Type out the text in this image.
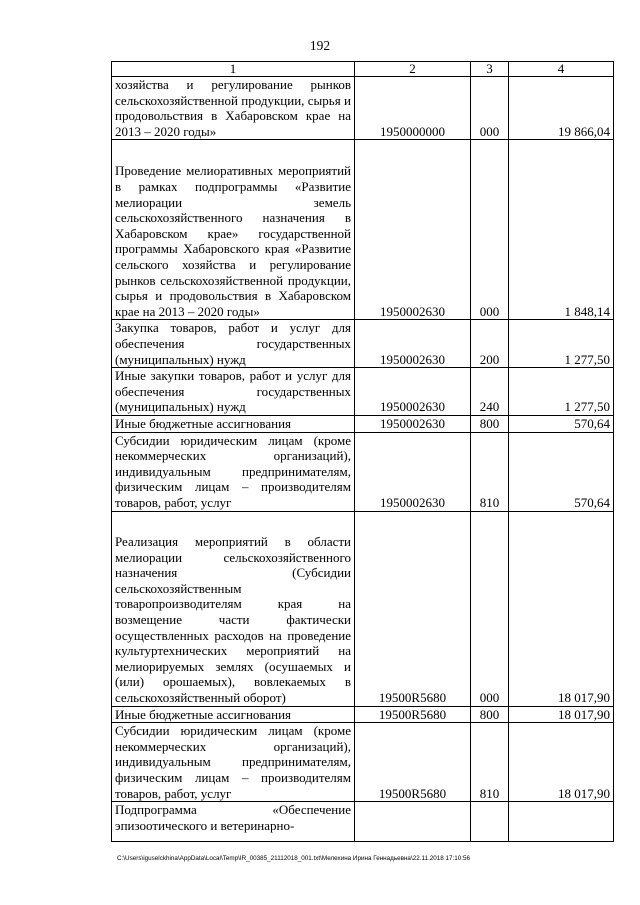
192
1	2	3	4
хозяйства и регулирование рынков сельскохозяйственной продукции, сырья и продовольствия в Хабаровском крае на 2013 – 2020 годы»	1950000000	000	19 866,04
Проведение мелиоративных мероприятий в рамках подпрограммы «Развитие мелиорации земель сельскохозяйственного назначения в Хабаровском крае» государственной программы Хабаровского края «Развитие сельского хозяйства и регулирование рынков сельскохозяйственной продукции, сырья и продовольствия в Хабаровском крае на 2013 – 2020 годы»	1950002630	000	1 848,14
Закупка товаров, работ и услуг для обеспечения государственных (муниципальных) нужд	1950002630	200	1 277,50
Иные закупки товаров, работ и услуг для обеспечения государственных (муниципальных) нужд	1950002630	240	1 277,50
Иные бюджетные ассигнования	1950002630	800	570,64
Субсидии юридическим лицам (кроме некоммерческих организаций), индивидуальным предпринимателям, физическим лицам – производителям товаров, работ, услуг	1950002630	810	570,64
Реализация мероприятий в области мелиорации сельскохозяйственного назначения (Субсидии сельскохозяйственным товаропроизводителям края на возмещение части фактически осуществленных расходов на проведение культуртехнических мероприятий на мелиорируемых землях (осушаемых и (или) орошаемых), вовлекаемых в сельскохозяйственный оборот)	19500R5680	000	18 017,90
Иные бюджетные ассигнования	19500R5680	800	18 017,90
Субсидии юридическим лицам (кроме некоммерческих организаций), индивидуальным предпринимателям, физическим лицам – производителям товаров, работ, услуг	19500R5680	810	18 017,90
Подпрограмма «Обеспечение эпизоотического и ветеринарно-			
C:\Users\iguselckhina\AppData\Local\Temp\IR_00385_21112018_001.txt\Мелехина Ирина Геннадьевна\22.11.2018 17:10:56
